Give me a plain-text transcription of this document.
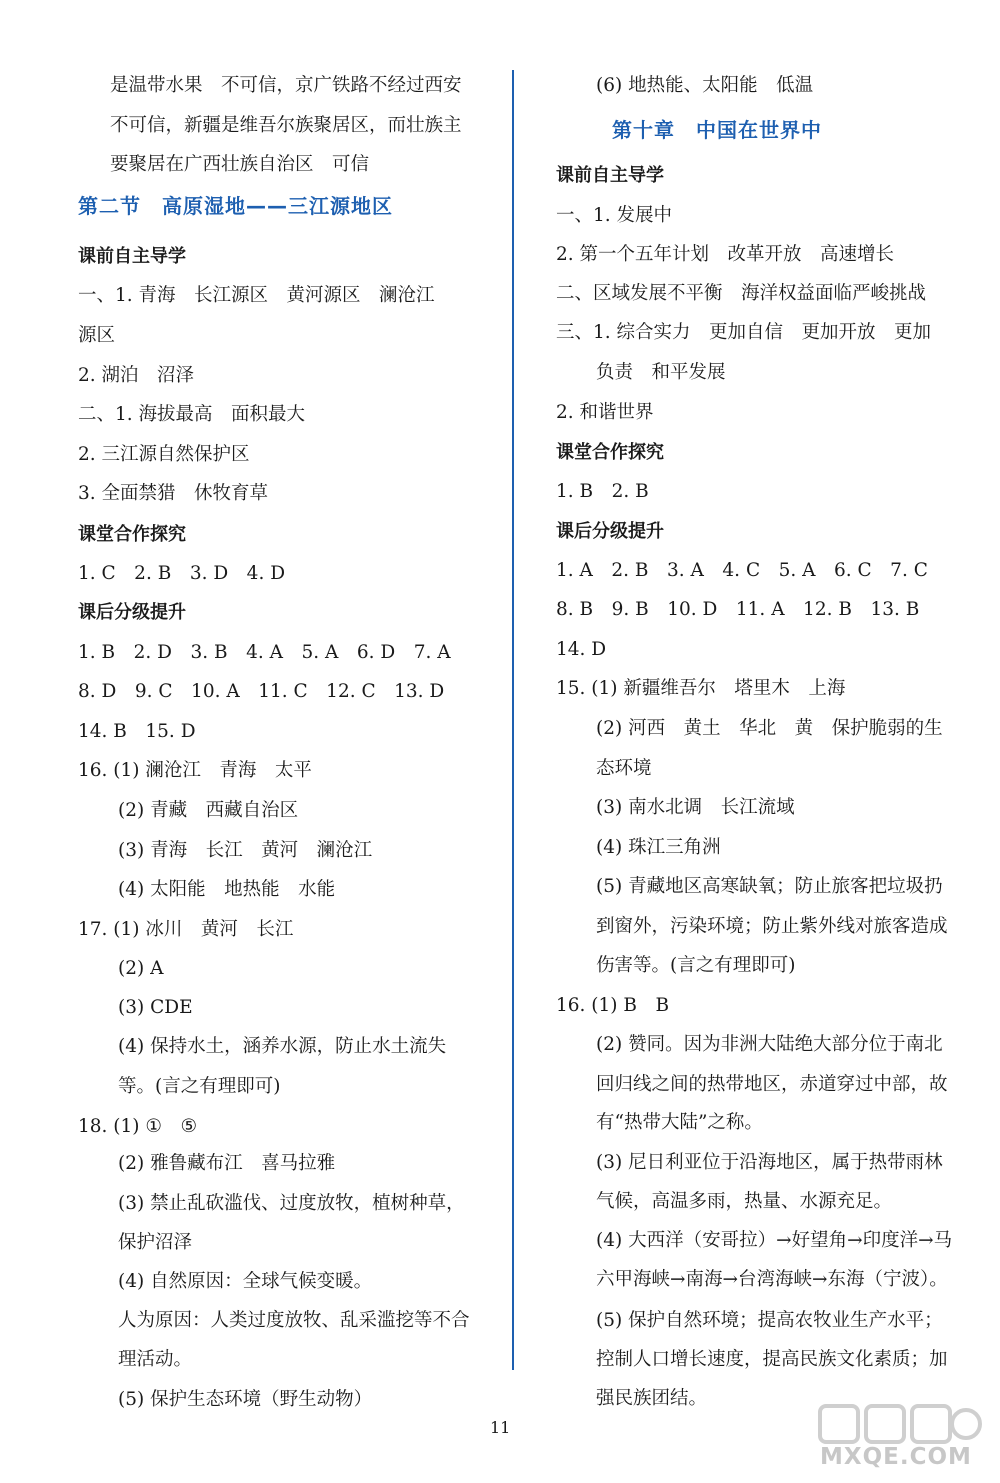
是温带水果　不可信，京广铁路不经过西安
不可信，新疆是维吾尔族聚居区，而壮族主
要聚居在广西壮族自治区　可信
第二节　高原湿地——三江源地区
课前自主导学
一、1. 青海　长江源区　黄河源区　澜沧江
源区
2. 湖泊　沼泽
二、1. 海拔最高　面积最大
2. 三江源自然保护区
3. 全面禁猎　休牧育草
课堂合作探究
1. C　2. B　3. D　4. D
课后分级提升
1. B　2. D　3. B　4. A　5. A　6. D　7. A
8. D　9. C　10. A　11. C　12. C　13. D
14. B　15. D
16. (1) 澜沧江　青海　太平
(2) 青藏　西藏自治区
(3) 青海　长江　黄河　澜沧江
(4) 太阳能　地热能　水能
17. (1) 冰川　黄河　长江
(2) A
(3) CDE
(4) 保持水土，涵养水源，防止水土流失
等。(言之有理即可)
18. (1) ①　⑤
(2) 雅鲁藏布江　喜马拉雅
(3) 禁止乱砍滥伐、过度放牧，植树种草，
保护沼泽
(4) 自然原因：全球气候变暖。
人为原因：人类过度放牧、乱采滥挖等不合
理活动。
(5) 保护生态环境（野生动物）
(6) 地热能、太阳能　低温
第十章　中国在世界中
课前自主导学
一、1. 发展中
2. 第一个五年计划　改革开放　高速增长
二、区域发展不平衡　海洋权益面临严峻挑战
三、1. 综合实力　更加自信　更加开放　更加
负责　和平发展
2. 和谐世界
课堂合作探究
1. B　2. B
课后分级提升
1. A　2. B　3. A　4. C　5. A　6. C　7. C
8. B　9. B　10. D　11. A　12. B　13. B
14. D
15. (1) 新疆维吾尔　塔里木　上海
(2) 河西　黄土　华北　黄　保护脆弱的生
态环境
(3) 南水北调　长江流域
(4) 珠江三角洲
(5) 青藏地区高寒缺氧；防止旅客把垃圾扔
到窗外，污染环境；防止紫外线对旅客造成
伤害等。(言之有理即可)
16. (1) B　B
(2) 赞同。因为非洲大陆绝大部分位于南北
回归线之间的热带地区，赤道穿过中部，故
有“热带大陆”之称。
(3) 尼日利亚位于沿海地区，属于热带雨林
气候，高温多雨，热量、水源充足。
(4) 大西洋（安哥拉）→好望角→印度洋→马
六甲海峡→南海→台湾海峡→东海（宁波）。
(5) 保护自然环境；提高农牧业生产水平；
控制人口增长速度，提高民族文化素质；加
强民族团结。
11
MXQE.COM
